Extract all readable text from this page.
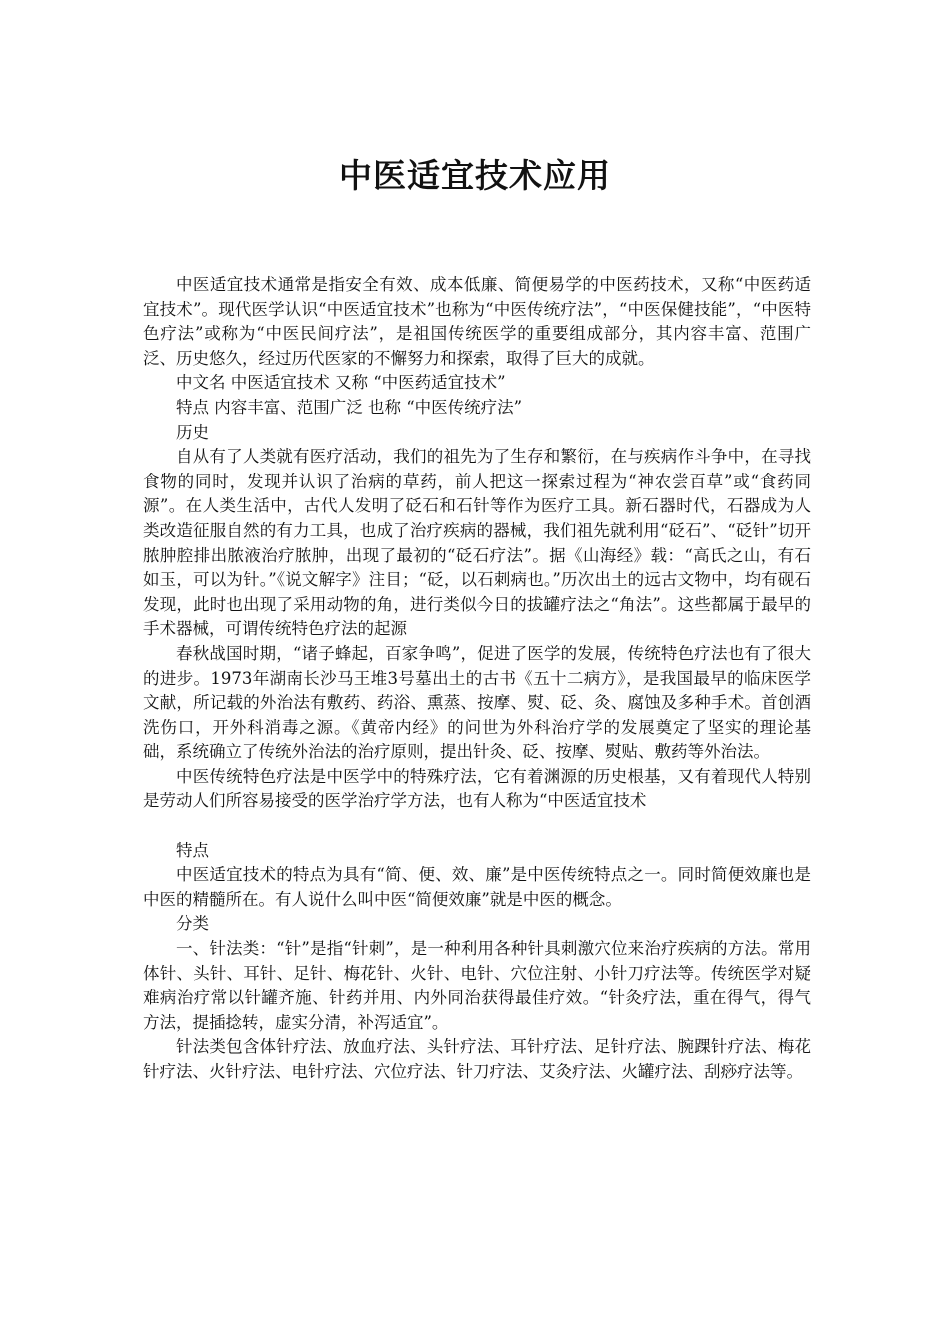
中医适宜技术应用

中医适宜技术通常是指安全有效、成本低廉、简便易学的中医药技术，又称“中医药适宜技术”。现代医学认识“中医适宜技术”也称为“中医传统疗法”，“中医保健技能”，“中医特色疗法”或称为“中医民间疗法”，是祖国传统医学的重要组成部分，其内容丰富、范围广泛、历史悠久，经过历代医家的不懈努力和探索，取得了巨大的成就。

中文名 中医适宜技术 又称 “中医药适宜技术”

特点 内容丰富、范围广泛 也称 “中医传统疗法”

历史

自从有了人类就有医疗活动，我们的祖先为了生存和繁衍，在与疾病作斗争中，在寻找食物的同时，发现并认识了治病的草药，前人把这一探索过程为“神农尝百草”或“食药同源”。在人类生活中，古代人发明了砭石和石针等作为医疗工具。新石器时代，石器成为人类改造征服自然的有力工具，也成了治疗疾病的器械，我们祖先就利用“砭石”、“砭针”切开脓肿腔排出脓液治疗脓肿，出现了最初的“砭石疗法”。据《山海经》载：“高氏之山，有石如玉，可以为针。”《说文解字》注目；“砭，以石刺病也。”历次出土的远古文物中，均有砚石发现，此时也出现了采用动物的角，进行类似今日的拔罐疗法之“角法”。这些都属于最早的手术器械，可谓传统特色疗法的起源

春秋战国时期，“诸子蜂起，百家争鸣”，促进了医学的发展，传统特色疗法也有了很大的进步。1973年湖南长沙马王堆3号墓出土的古书《五十二病方》，是我国最早的临床医学文献，所记载的外治法有敷药、药浴、熏蒸、按摩、熨、砭、灸、腐蚀及多种手术。首创酒洗伤口，开外科消毒之源。《黄帝内经》的问世为外科治疗学的发展奠定了坚实的理论基础，系统确立了传统外治法的治疗原则，提出针灸、砭、按摩、熨贴、敷药等外治法。

中医传统特色疗法是中医学中的特殊疗法，它有着渊源的历史根基，又有着现代人特别是劳动人们所容易接受的医学治疗学方法，也有人称为“中医适宜技术

特点

中医适宜技术的特点为具有“简、便、效、廉”是中医传统特点之一。同时简便效廉也是中医的精髓所在。有人说什么叫中医“简便效廉”就是中医的概念。

分类

一、针法类：“针”是指“针刺”，是一种利用各种针具刺激穴位来治疗疾病的方法。常用体针、头针、耳针、足针、梅花针、火针、电针、穴位注射、小针刀疗法等。传统医学对疑难病治疗常以针罐齐施、针药并用、内外同治获得最佳疗效。“针灸疗法，重在得气，得气方法，提插捻转，虚实分清，补泻适宜”。

针法类包含体针疗法、放血疗法、头针疗法、耳针疗法、足针疗法、腕踝针疗法、梅花针疗法、火针疗法、电针疗法、穴位疗法、针刀疗法、艾灸疗法、火罐疗法、刮痧疗法等。
